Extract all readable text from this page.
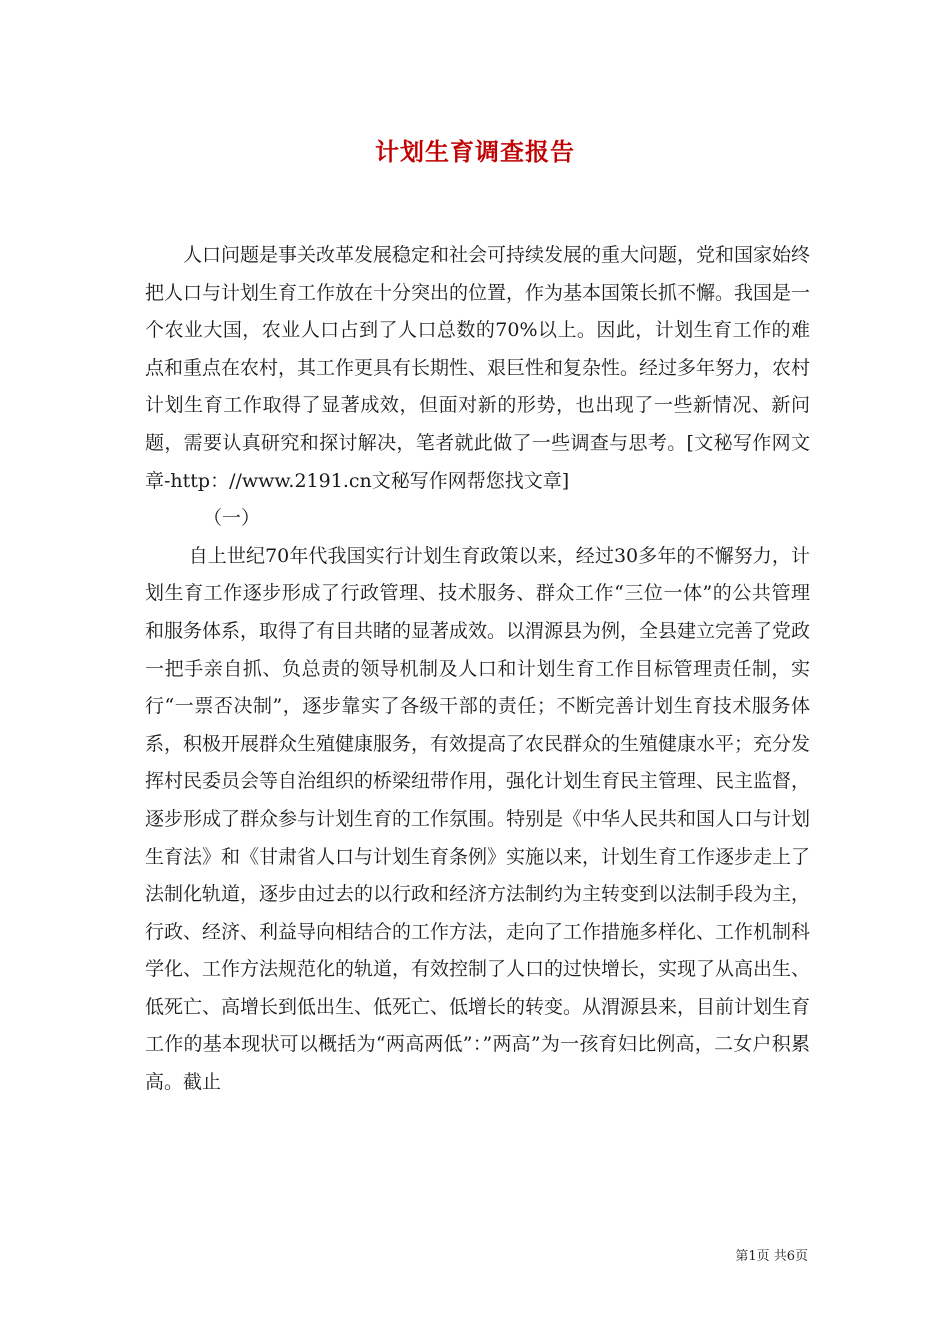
计划生育调查报告

人口问题是事关改革发展稳定和社会可持续发展的重大问题，党和国家始终把人口与计划生育工作放在十分突出的位置，作为基本国策长抓不懈。我国是一个农业大国，农业人口占到了人口总数的70%以上。因此，计划生育工作的难点和重点在农村，其工作更具有长期性、艰巨性和复杂性。经过多年努力，农村计划生育工作取得了显著成效，但面对新的形势，也出现了一些新情况、新问题，需要认真研究和探讨解决，笔者就此做了一些调查与思考。[文秘写作网文章-http：//www.2191.cn文秘写作网帮您找文章]

（一）

自上世纪70年代我国实行计划生育政策以来，经过30多年的不懈努力，计划生育工作逐步形成了行政管理、技术服务、群众工作“三位一体”的公共管理和服务体系，取得了有目共睹的显著成效。以渭源县为例，全县建立完善了党政一把手亲自抓、负总责的领导机制及人口和计划生育工作目标管理责任制，实行“一票否决制”，逐步靠实了各级干部的责任；不断完善计划生育技术服务体系，积极开展群众生殖健康服务，有效提高了农民群众的生殖健康水平；充分发挥村民委员会等自治组织的桥梁纽带作用，强化计划生育民主管理、民主监督，逐步形成了群众参与计划生育的工作氛围。特别是《中华人民共和国人口与计划生育法》和《甘肃省人口与计划生育条例》实施以来，计划生育工作逐步走上了法制化轨道，逐步由过去的以行政和经济方法制约为主转变到以法制手段为主，行政、经济、利益导向相结合的工作方法，走向了工作措施多样化、工作机制科学化、工作方法规范化的轨道，有效控制了人口的过快增长，实现了从高出生、低死亡、高增长到低出生、低死亡、低增长的转变。从渭源县来，目前计划生育工作的基本现状可以概括为“两高两低”：”两高”为一孩育妇比例高，二女户积累高。截止

第1页 共6页
